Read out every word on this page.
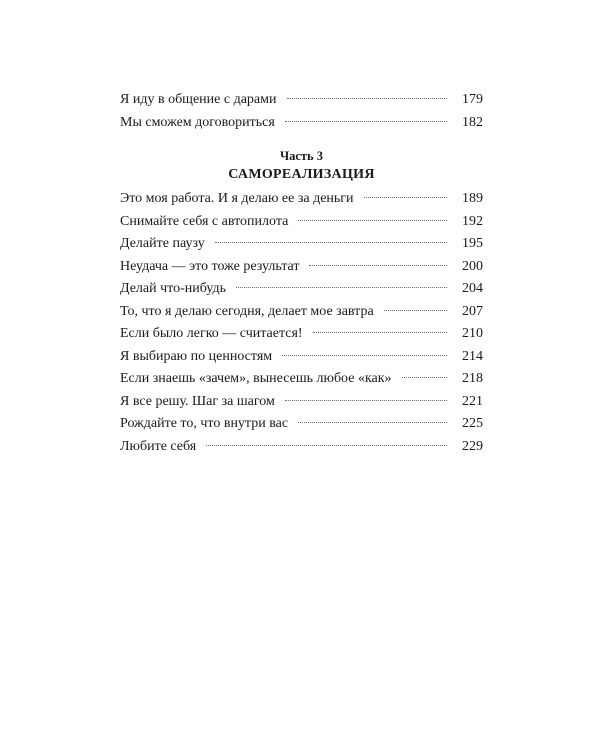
Я иду в общение с дарами	179
Мы сможем договориться	182
Часть 3
САМОРЕАЛИЗАЦИЯ
Это моя работа. И я делаю ее за деньги	189
Снимайте себя с автопилота	192
Делайте паузу	195
Неудача — это тоже результат	200
Делай что-нибудь	204
То, что я делаю сегодня, делает мое завтра	207
Если было легко — считается!	210
Я выбираю по ценностям	214
Если знаешь «зачем», вынесешь любое «как»	218
Я все решу. Шаг за шагом	221
Рождайте то, что внутри вас	225
Любите себя	229
